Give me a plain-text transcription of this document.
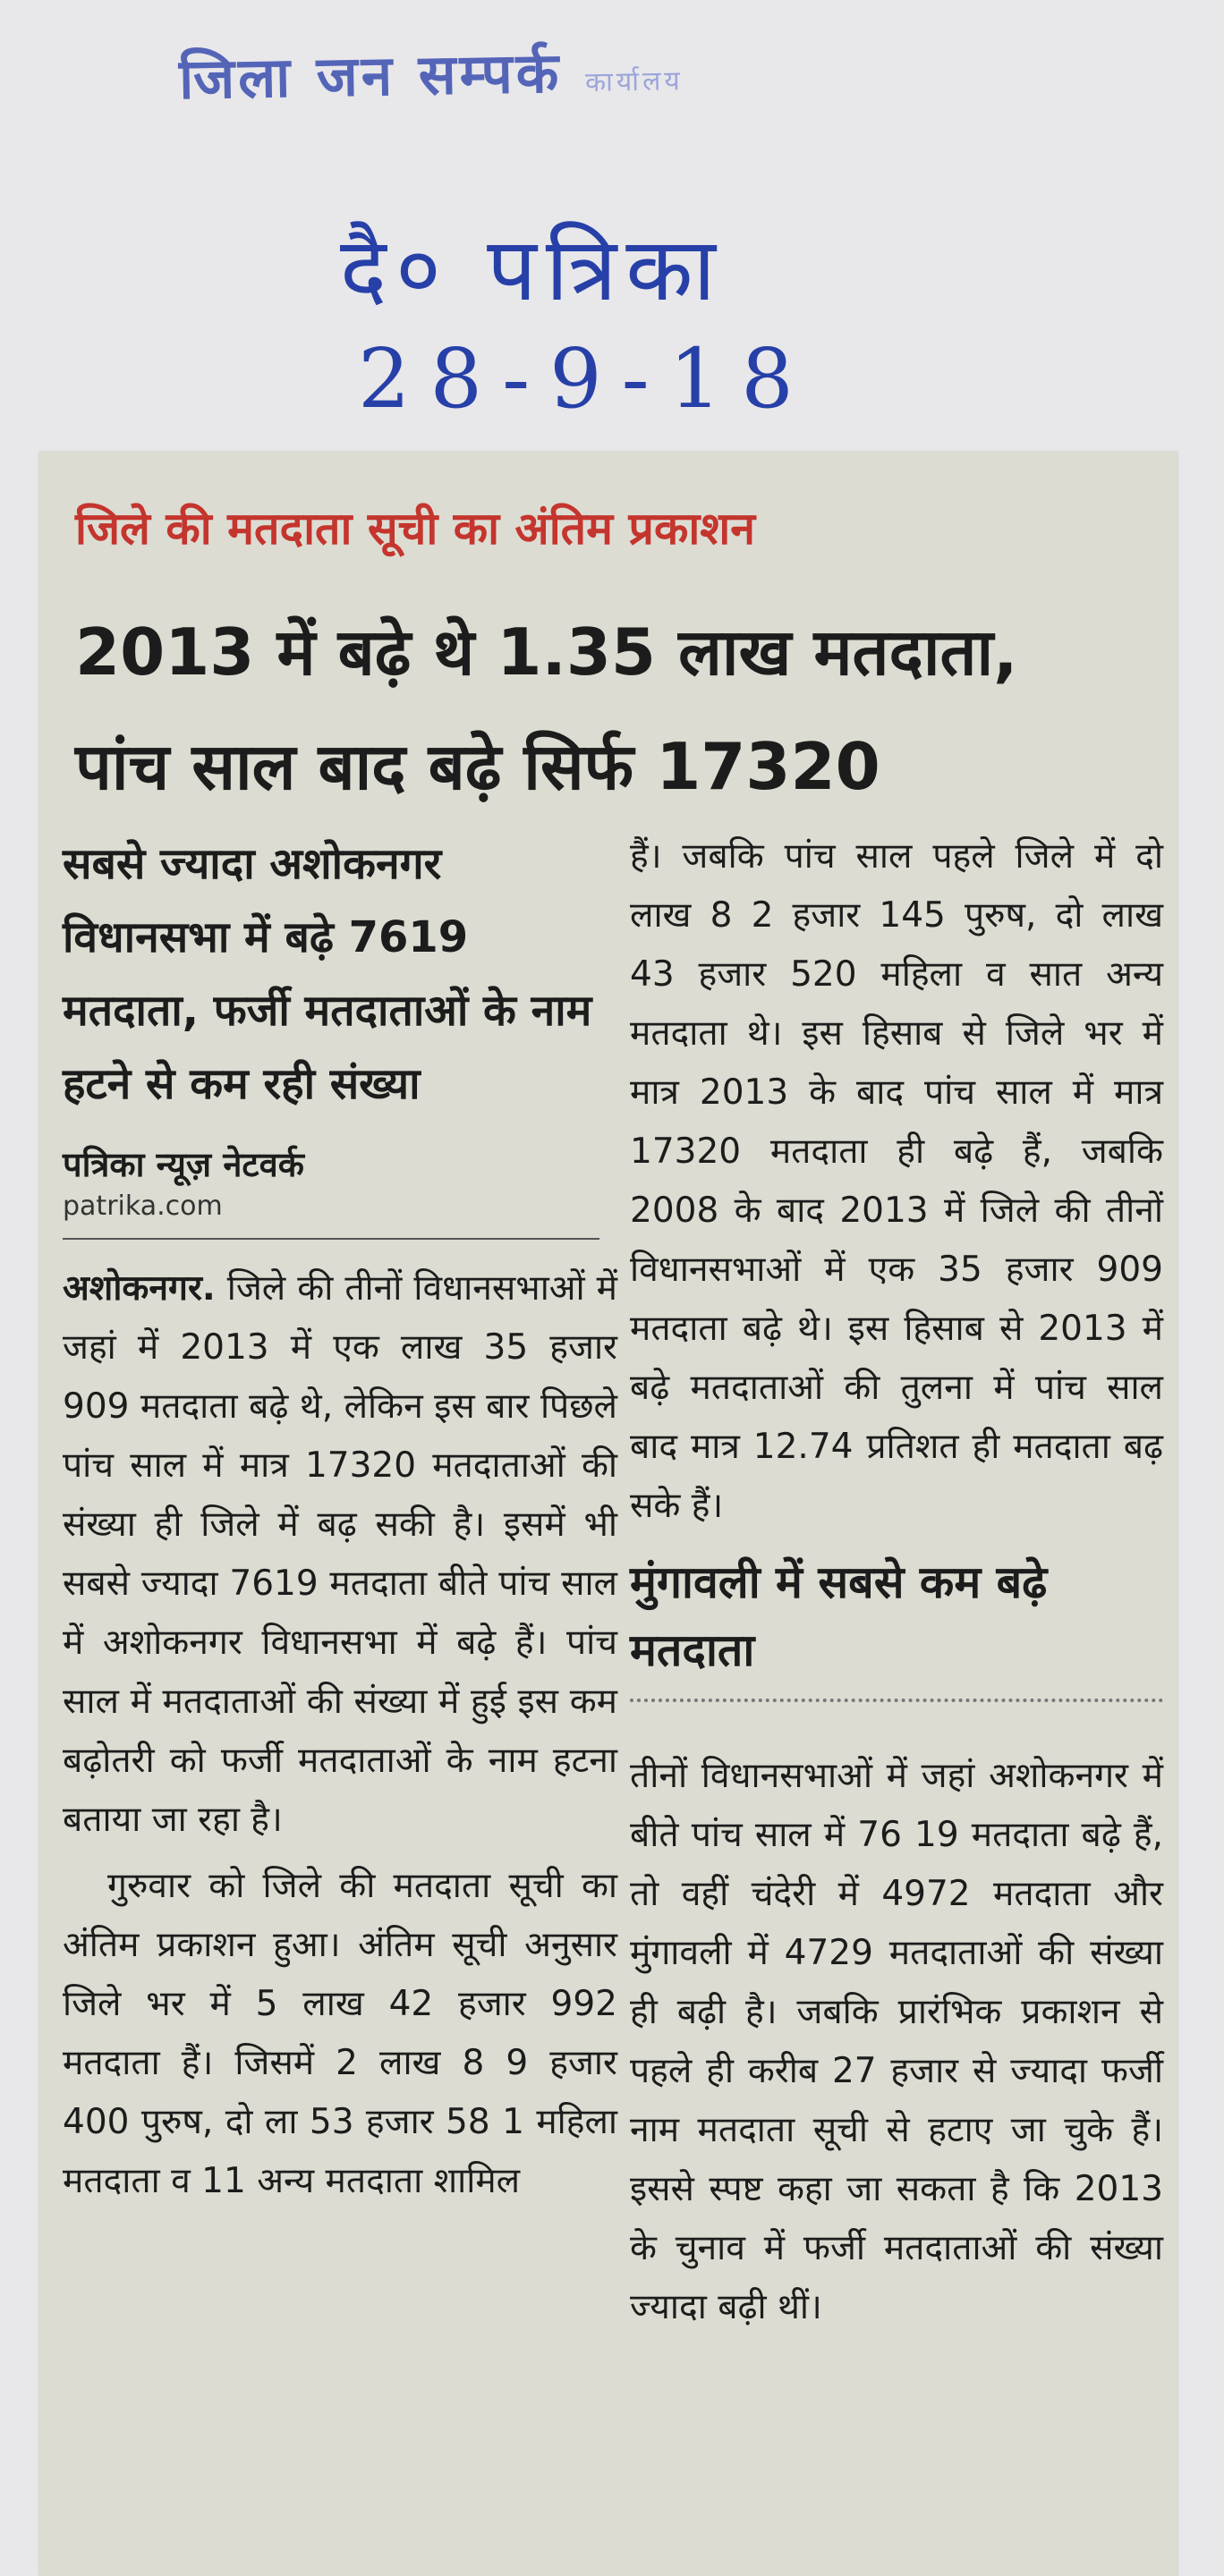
जिला जन सम्पर्क कार्यालय
दै० पत्रिका
28-9-18
जिले की मतदाता सूची का अंतिम प्रकाशन
2013 में बढ़े थे 1.35 लाख मतदाता,
पांच साल बाद बढ़े सिर्फ 17320

सबसे ज्यादा अशोकनगर विधानसभा में बढ़े 7619 मतदाता, फर्जी मतदाताओं के नाम हटने से कम रही संख्या

पत्रिका न्यूज़ नेटवर्क
patrika.com

अशोकनगर. जिले की तीनों विधानसभाओं में जहां में 2013 में एक लाख 35 हजार 909 मतदाता बढ़े थे, लेकिन इस बार पिछले पांच साल में मात्र 17320 मतदाताओं की संख्या ही जिले में बढ़ सकी है। इसमें भी सबसे ज्यादा 7619 मतदाता बीते पांच साल में अशोकनगर विधानसभा में बढ़े हैं। पांच साल में मतदाताओं की संख्या में हुई इस कम बढ़ोतरी को फर्जी मतदाताओं के नाम हटना बताया जा रहा है।

गुरुवार को जिले की मतदाता सूची का अंतिम प्रकाशन हुआ। अंतिम सूची अनुसार जिले भर में 5 लाख 42 हजार 992 मतदाता हैं। जिसमें 2 लाख 8 9 हजार 400 पुरुष, दो ला 53 हजार 58 1 महिला मतदाता व 11 अन्य मतदाता शामिल

हैं। जबकि पांच साल पहले जिले में दो लाख 8 2 हजार 145 पुरुष, दो लाख 43 हजार 520 महिला व सात अन्य मतदाता थे। इस हिसाब से जिले भर में मात्र 2013 के बाद पांच साल में मात्र 17320 मतदाता ही बढ़े हैं, जबकि 2008 के बाद 2013 में जिले की तीनों विधानसभाओं में एक 35 हजार 909 मतदाता बढ़े थे। इस हिसाब से 2013 में बढ़े मतदाताओं की तुलना में पांच साल बाद मात्र 12.74 प्रतिशत ही मतदाता बढ़ सके हैं।

मुंगावली में सबसे कम बढ़े मतदाता

तीनों विधानसभाओं में जहां अशोकनगर में बीते पांच साल में 76 19 मतदाता बढ़े हैं, तो वहीं चंदेरी में 4972 मतदाता और मुंगावली में 4729 मतदाताओं की संख्या ही बढ़ी है। जबकि प्रारंभिक प्रकाशन से पहले ही करीब 27 हजार से ज्यादा फर्जी नाम मतदाता सूची से हटाए जा चुके हैं। इससे स्पष्ट कहा जा सकता है कि 2013 के चुनाव में फर्जी मतदाताओं की संख्या ज्यादा बढ़ी थीं।
